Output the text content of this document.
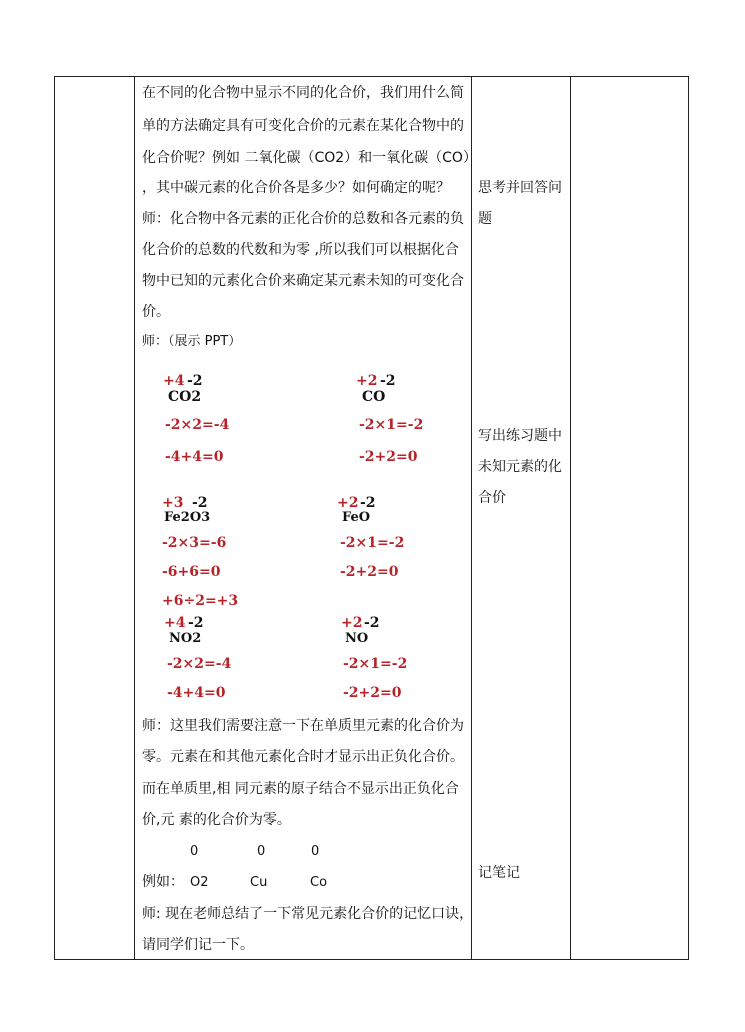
在不同的化合物中显示不同的化合价，我们用什么简
单的方法确定具有可变化合价的元素在某化合物中的
化合价呢？例如 二氧化碳（CO2）和一氧化碳（CO）
，其中碳元素的化合价各是多少？如何确定的呢？
师：化合物中各元素的正化合价的总数和各元素的负
化合价的总数的代数和为零 ,所以我们可以根据化合
物中已知的元素化合价来确定某元素未知的可变化合
价。
师：（展示 PPT）
+4 -2
CO2
-2×2=-4
-4+4=0
+2 -2
CO
-2×1=-2
-2+2=0
+3 -2
Fe2O3
-2×3=-6
-6+6=0
+6÷2=+3
+2 -2
FeO
-2×1=-2
-2+2=0
+4 -2
NO2
-2×2=-4
-4+4=0
+2 -2
NO
-2×1=-2
-2+2=0
师：这里我们需要注意一下在单质里元素的化合价为
零。元素在和其他元素化合时才显示出正负化合价。
而在单质里,相 同元素的原子结合不显示出正负化合
价,元 素的化合价为零。
0	0	0
例如： O2	Cu	Co
师: 现在老师总结了一下常见元素化合价的记忆口诀，
请同学们记一下。
思考并回答问
题
写出练习题中
未知元素的化
合价
记笔记
